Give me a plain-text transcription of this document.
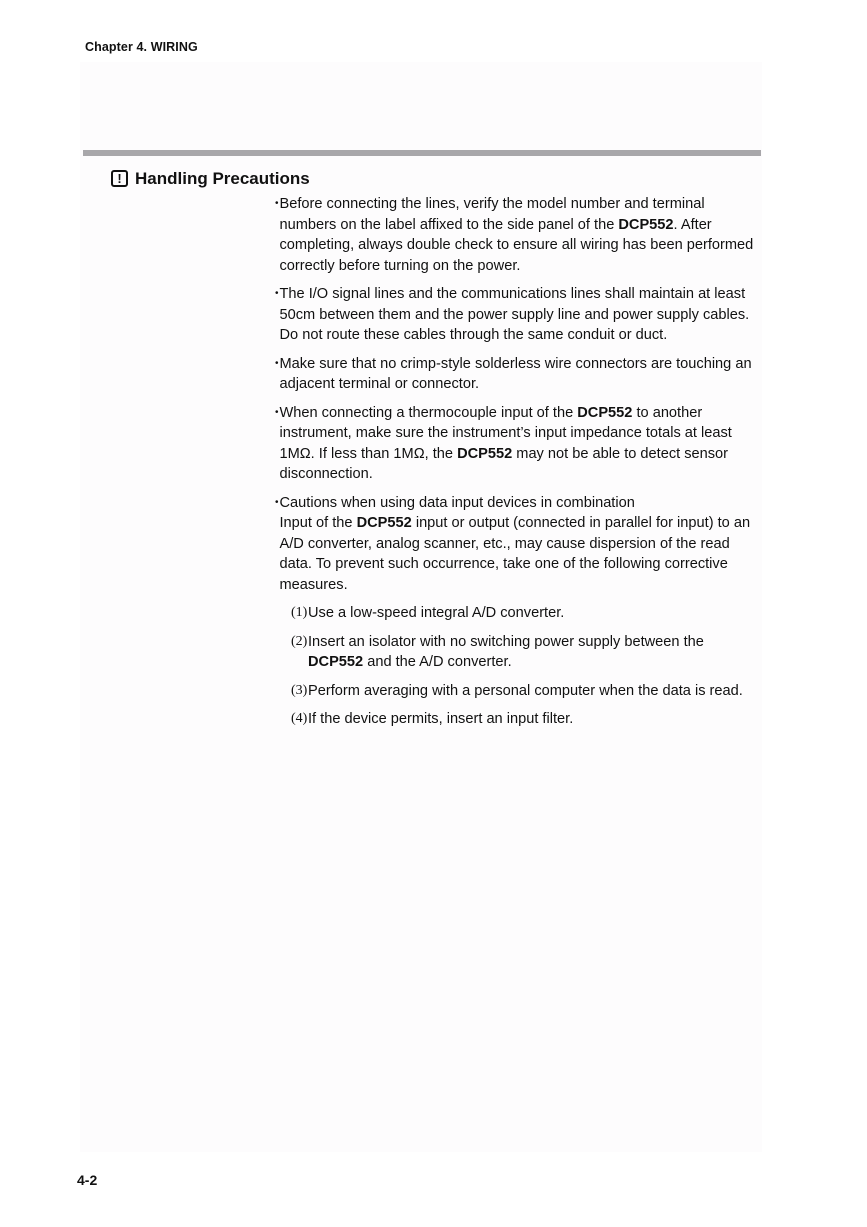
Chapter 4. WIRING
! Handling Precautions
• Before connecting the lines, verify the model number and terminal numbers on the label affixed to the side panel of the DCP552. After completing, always double check to ensure all wiring has been performed correctly before turning on the power.
• The I/O signal lines and the communications lines shall maintain at least 50cm between them and the power supply line and power supply cables. Do not route these cables through the same conduit or duct.
• Make sure that no crimp-style solderless wire connectors are touching an adjacent terminal or connector.
• When connecting a thermocouple input of the DCP552 to another instrument, make sure the instrument’s input impedance totals at least 1MΩ. If less than 1MΩ, the DCP552 may not be able to detect sensor disconnection.
• Cautions when using data input devices in combination
Input of the DCP552 input or output (connected in parallel for input) to an A/D converter, analog scanner, etc., may cause dispersion of the read data. To prevent such occurrence, take one of the following corrective measures.
(1) Use a low-speed integral A/D converter.
(2) Insert an isolator with no switching power supply between the DCP552 and the A/D converter.
(3) Perform averaging with a personal computer when the data is read.
(4) If the device permits, insert an input filter.
4-2
